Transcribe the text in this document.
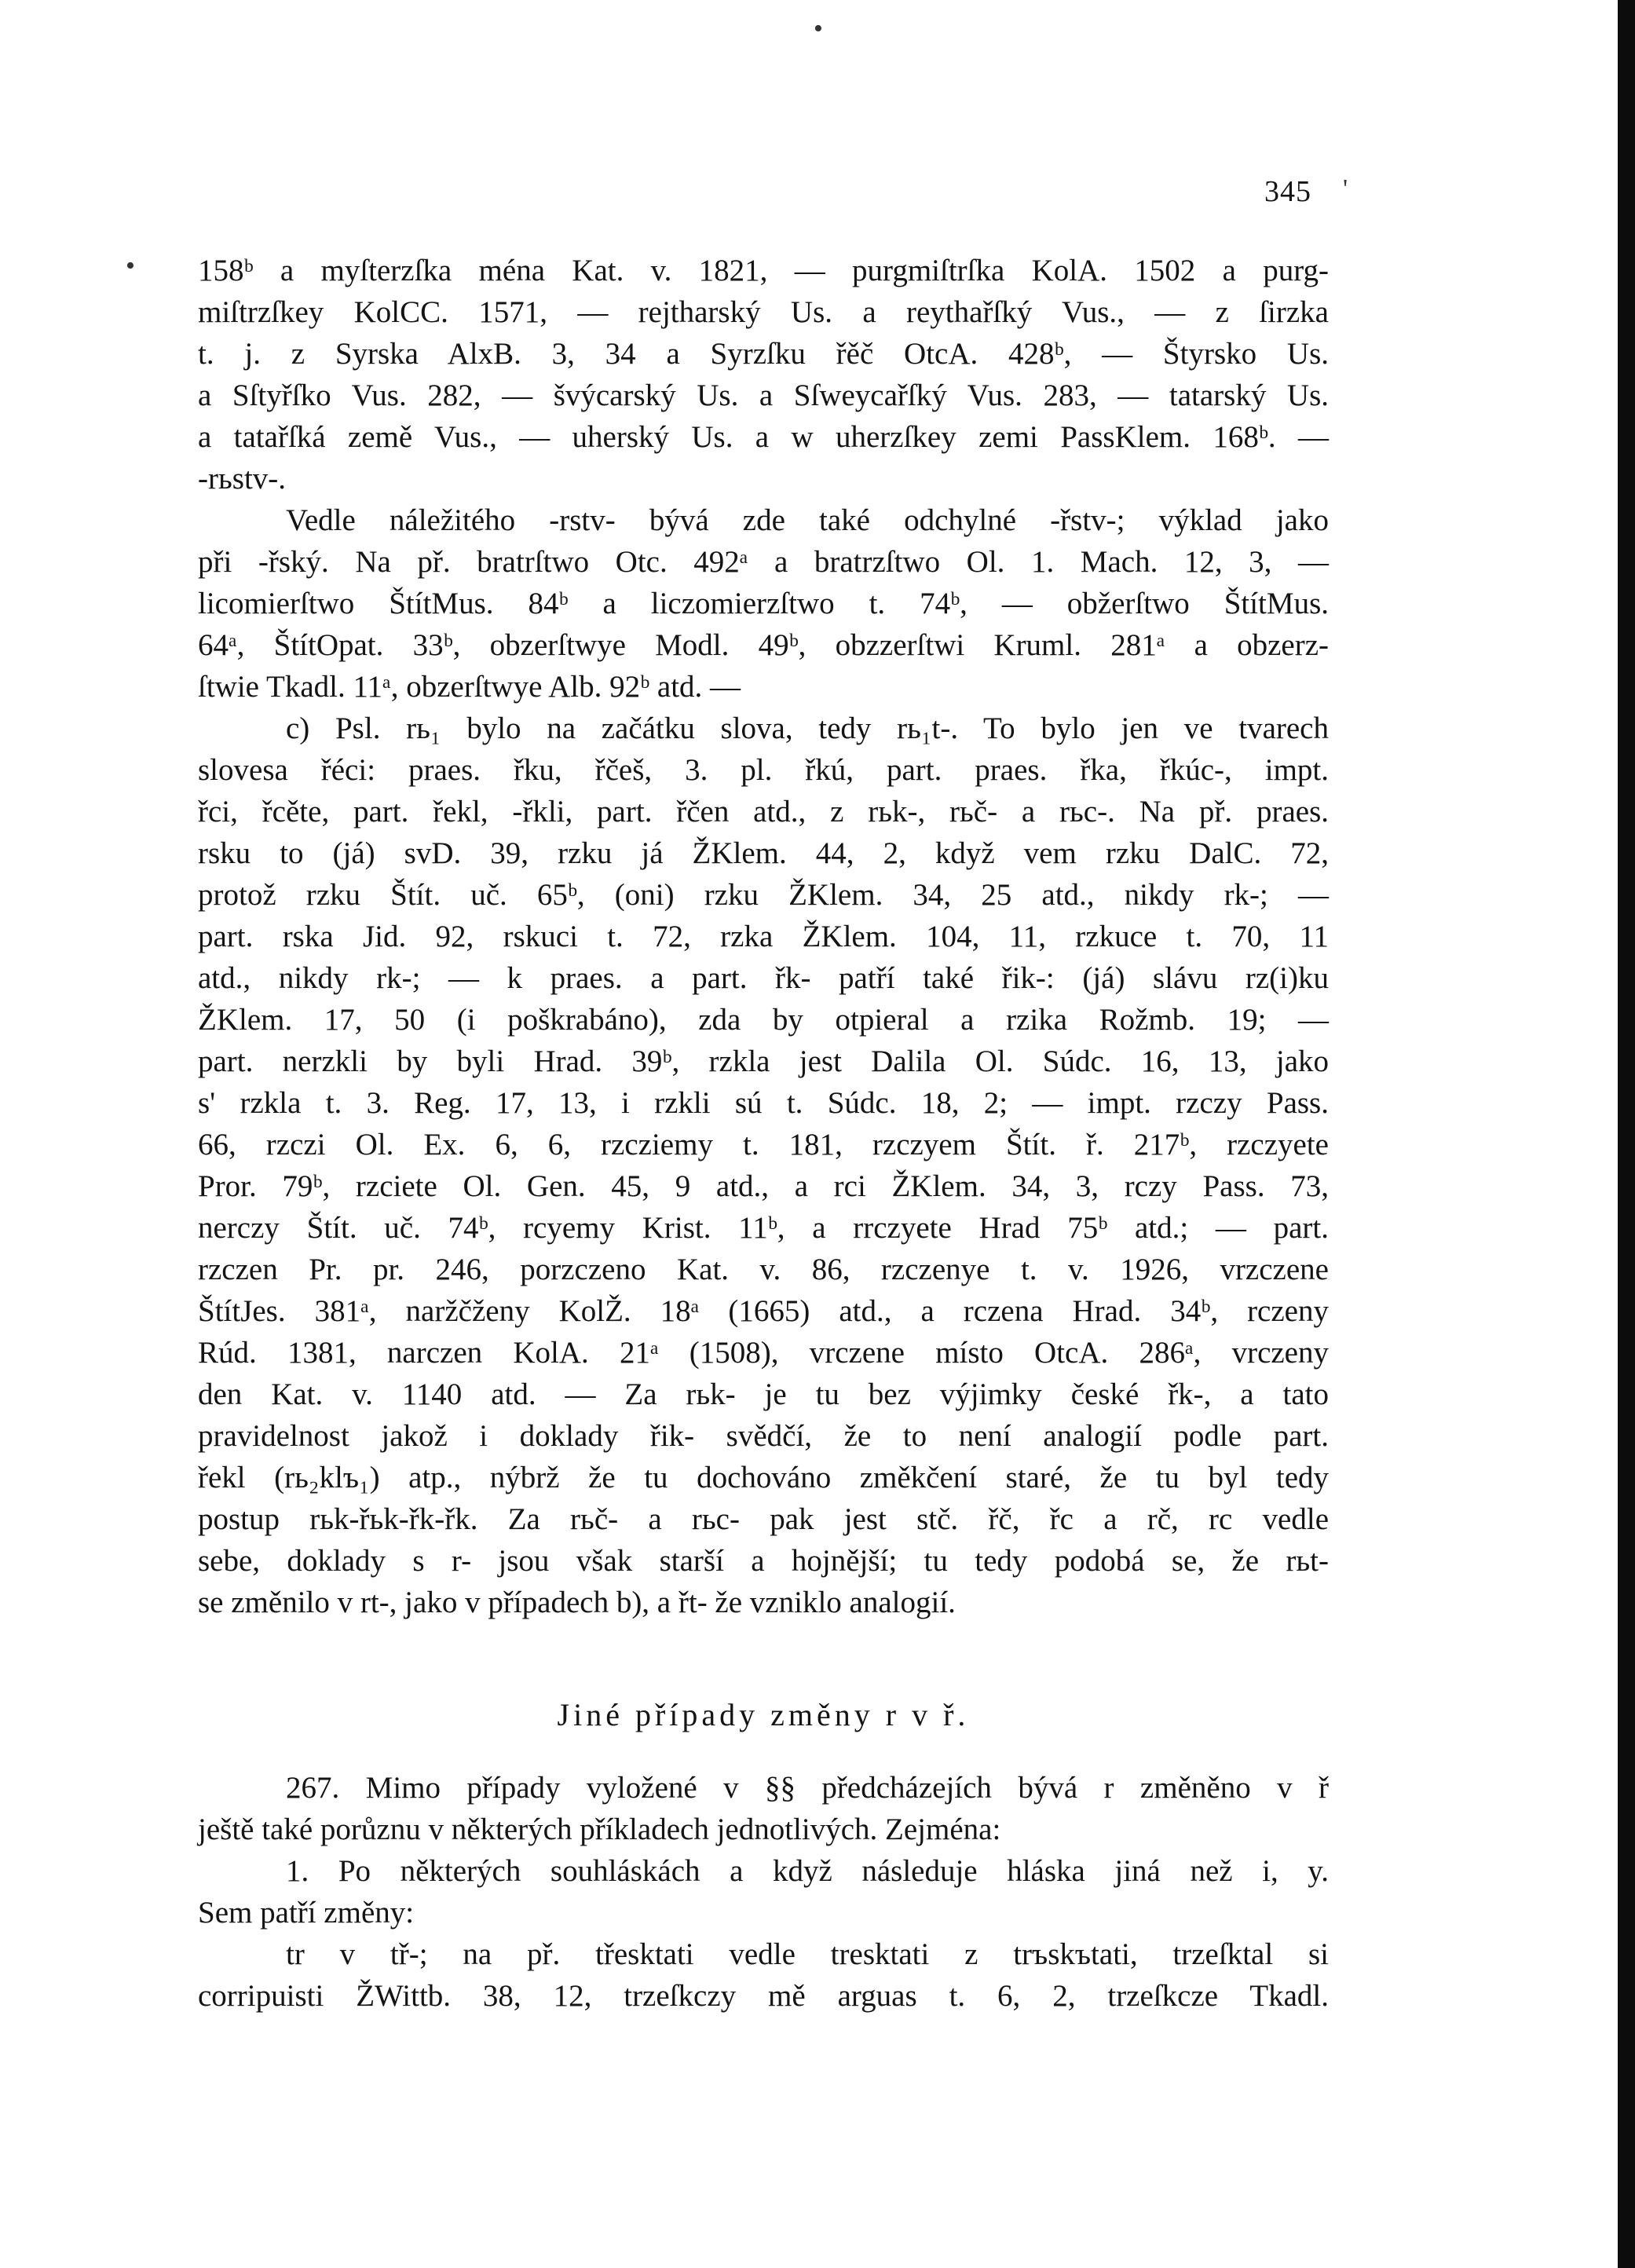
•
'
•
345
158ᵇ a myſterzſka ména Kat. v. 1821, — purgmiſtrſka KolA. 1502 a purg-
miſtrzſkey KolCC. 1571, — rejtharský Us. a reythařſký Vus., — z ſirzka
t. j. z Syrska AlxB. 3, 34 a Syrzſku řěč OtcA. 428ᵇ, — Štyrsko Us.
a Sſtyřſko Vus. 282, — švýcarský Us. a Sſweycařſký Vus. 283, — tatarský Us.
a tatařſká země Vus., — uherský Us. a w uherzſkey zemi PassKlem. 168ᵇ. —
-rьstv-.
Vedle náležitého -rstv- bývá zde také odchylné -řstv-; výklad jako
při -řský. Na př. bratrſtwo Otc. 492ᵃ a bratrzſtwo Ol. 1. Mach. 12, 3, —
licomierſtwo ŠtítMus. 84ᵇ a liczomierzſtwo t. 74ᵇ, — obžerſtwo ŠtítMus.
64ᵃ, ŠtítOpat. 33ᵇ, obzerſtwye Modl. 49ᵇ, obzzerſtwi Kruml. 281ᵃ a obzerz-
ſtwie Tkadl. 11ᵃ, obzerſtwye Alb. 92ᵇ atd. —
c) Psl. rь₁ bylo na začátku slova, tedy rь₁t-. To bylo jen ve tvarech
slovesa řéci: praes. řku, řčeš, 3. pl. řkú, part. praes. řka, řkúc-, impt.
řci, řcěte, part. řekl, -řkli, part. řčen atd., z rьk-, rьč- a rьc-. Na př. praes.
rsku to (já) svD. 39, rzku já ŽKlem. 44, 2, když vem rzku DalC. 72,
protož rzku Štít. uč. 65ᵇ, (oni) rzku ŽKlem. 34, 25 atd., nikdy rk-; —
part. rska Jid. 92, rskuci t. 72, rzka ŽKlem. 104, 11, rzkuce t. 70, 11
atd., nikdy rk-; — k praes. a part. řk- patří také řik-: (já) slávu rz(i)ku
ŽKlem. 17, 50 (i poškrabáno), zda by otpieral a rzika Rožmb. 19; —
part. nerzkli by byli Hrad. 39ᵇ, rzkla jest Dalila Ol. Súdc. 16, 13, jako
s' rzkla t. 3. Reg. 17, 13, i rzkli sú t. Súdc. 18, 2; — impt. rzczy Pass.
66, rzczi Ol. Ex. 6, 6, rzcziemy t. 181, rzczyem Štít. ř. 217ᵇ, rzczyete
Pror. 79ᵇ, rzciete Ol. Gen. 45, 9 atd., a rci ŽKlem. 34, 3, rczy Pass. 73,
nerczy Štít. uč. 74ᵇ, rcyemy Krist. 11ᵇ, a rrczyete Hrad 75ᵇ atd.; — part.
rzczen Pr. pr. 246, porzczeno Kat. v. 86, rzczenye t. v. 1926, vrzczene
ŠtítJes. 381ᵃ, naržčženy KolŽ. 18ᵃ (1665) atd., a rczena Hrad. 34ᵇ, rczeny
Rúd. 1381, narczen KolA. 21ᵃ (1508), vrczene místo OtcA. 286ᵃ, vrczeny
den Kat. v. 1140 atd. — Za rьk- je tu bez výjimky české řk-, a tato
pravidelnost jakož i doklady řik- svědčí, že to není analogií podle part.
řekl (rь₂klъ₁) atp., nýbrž že tu dochováno změkčení staré, že tu byl tedy
postup rьk-řьk-řk-řk. Za rьč- a rьc- pak jest stč. řč, řc a rč, rc vedle
sebe, doklady s r- jsou však starší a hojnější; tu tedy podobá se, že rьt-
se změnilo v rt-, jako v případech b), a řt- že vzniklo analogií.
Jiné případy změny r v ř.
267. Mimo případy vyložené v §§ předcházejích bývá r změněno v ř
ještě také porůznu v některých příkladech jednotlivých. Zejména:
1. Po některých souhláskách a když následuje hláska jiná než i, y.
Sem patří změny:
tr v tř-; na př. třesktati vedle tresktati z trъskъtati, trzeſktal si
corripuisti ŽWittb. 38, 12, trzeſkczy mě arguas t. 6, 2, trzeſkcze Tkadl.
